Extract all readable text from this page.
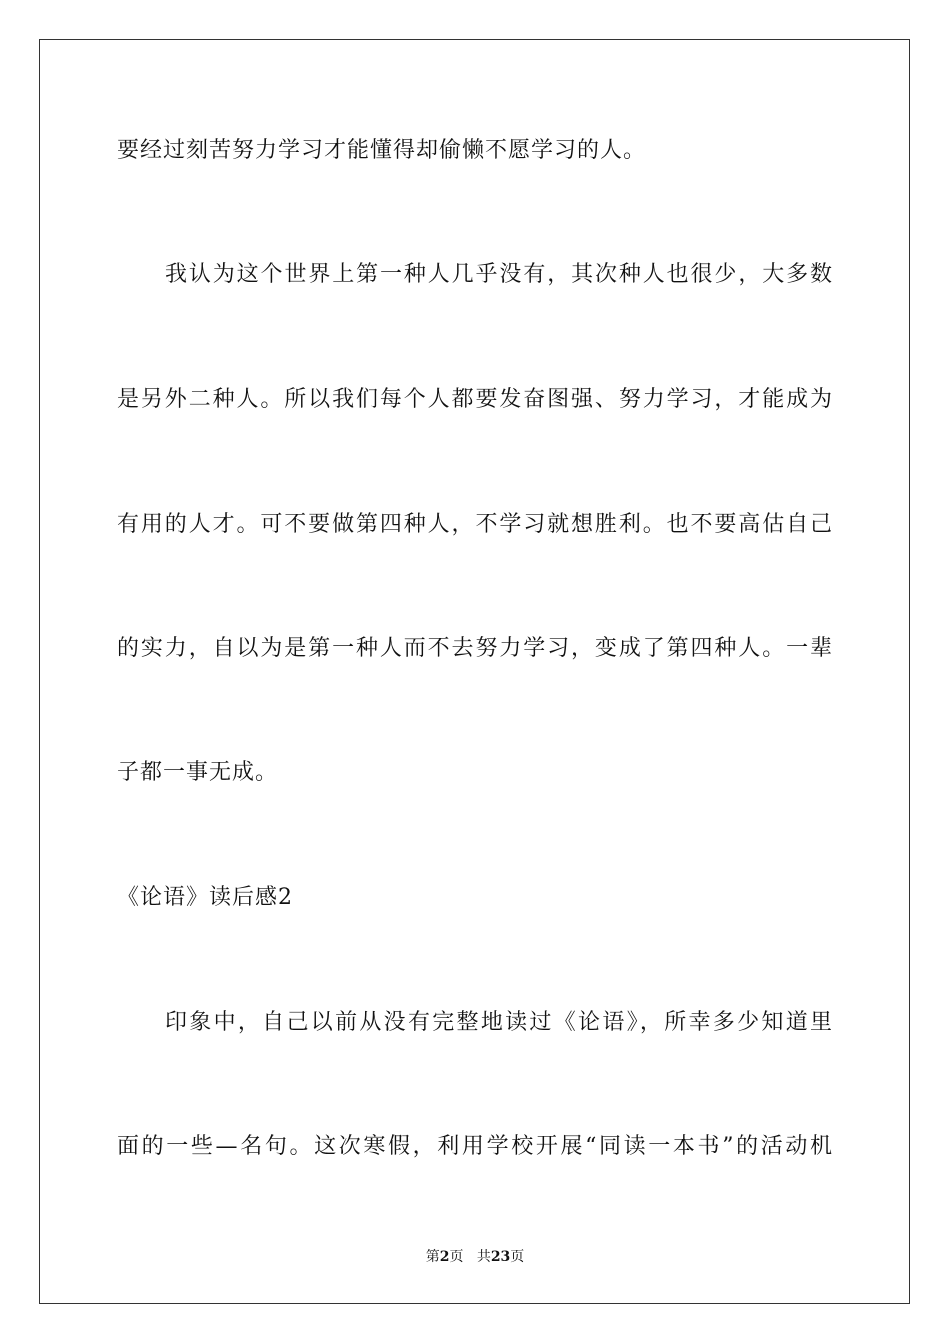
要经过刻苦努力学习才能懂得却偷懒不愿学习的人。
我认为这个世界上第一种人几乎没有，其次种人也很少，大多数
是另外二种人。所以我们每个人都要发奋图强、努力学习，才能成为
有用的人才。可不要做第四种人，不学习就想胜利。也不要高估自己
的实力，自以为是第一种人而不去努力学习，变成了第四种人。一辈
子都一事无成。
《论语》读后感2
印象中，自己以前从没有完整地读过《论语》，所幸多少知道里
面的一些—名句。这次寒假，利用学校开展“同读一本书”的活动机
第2页 共23页
